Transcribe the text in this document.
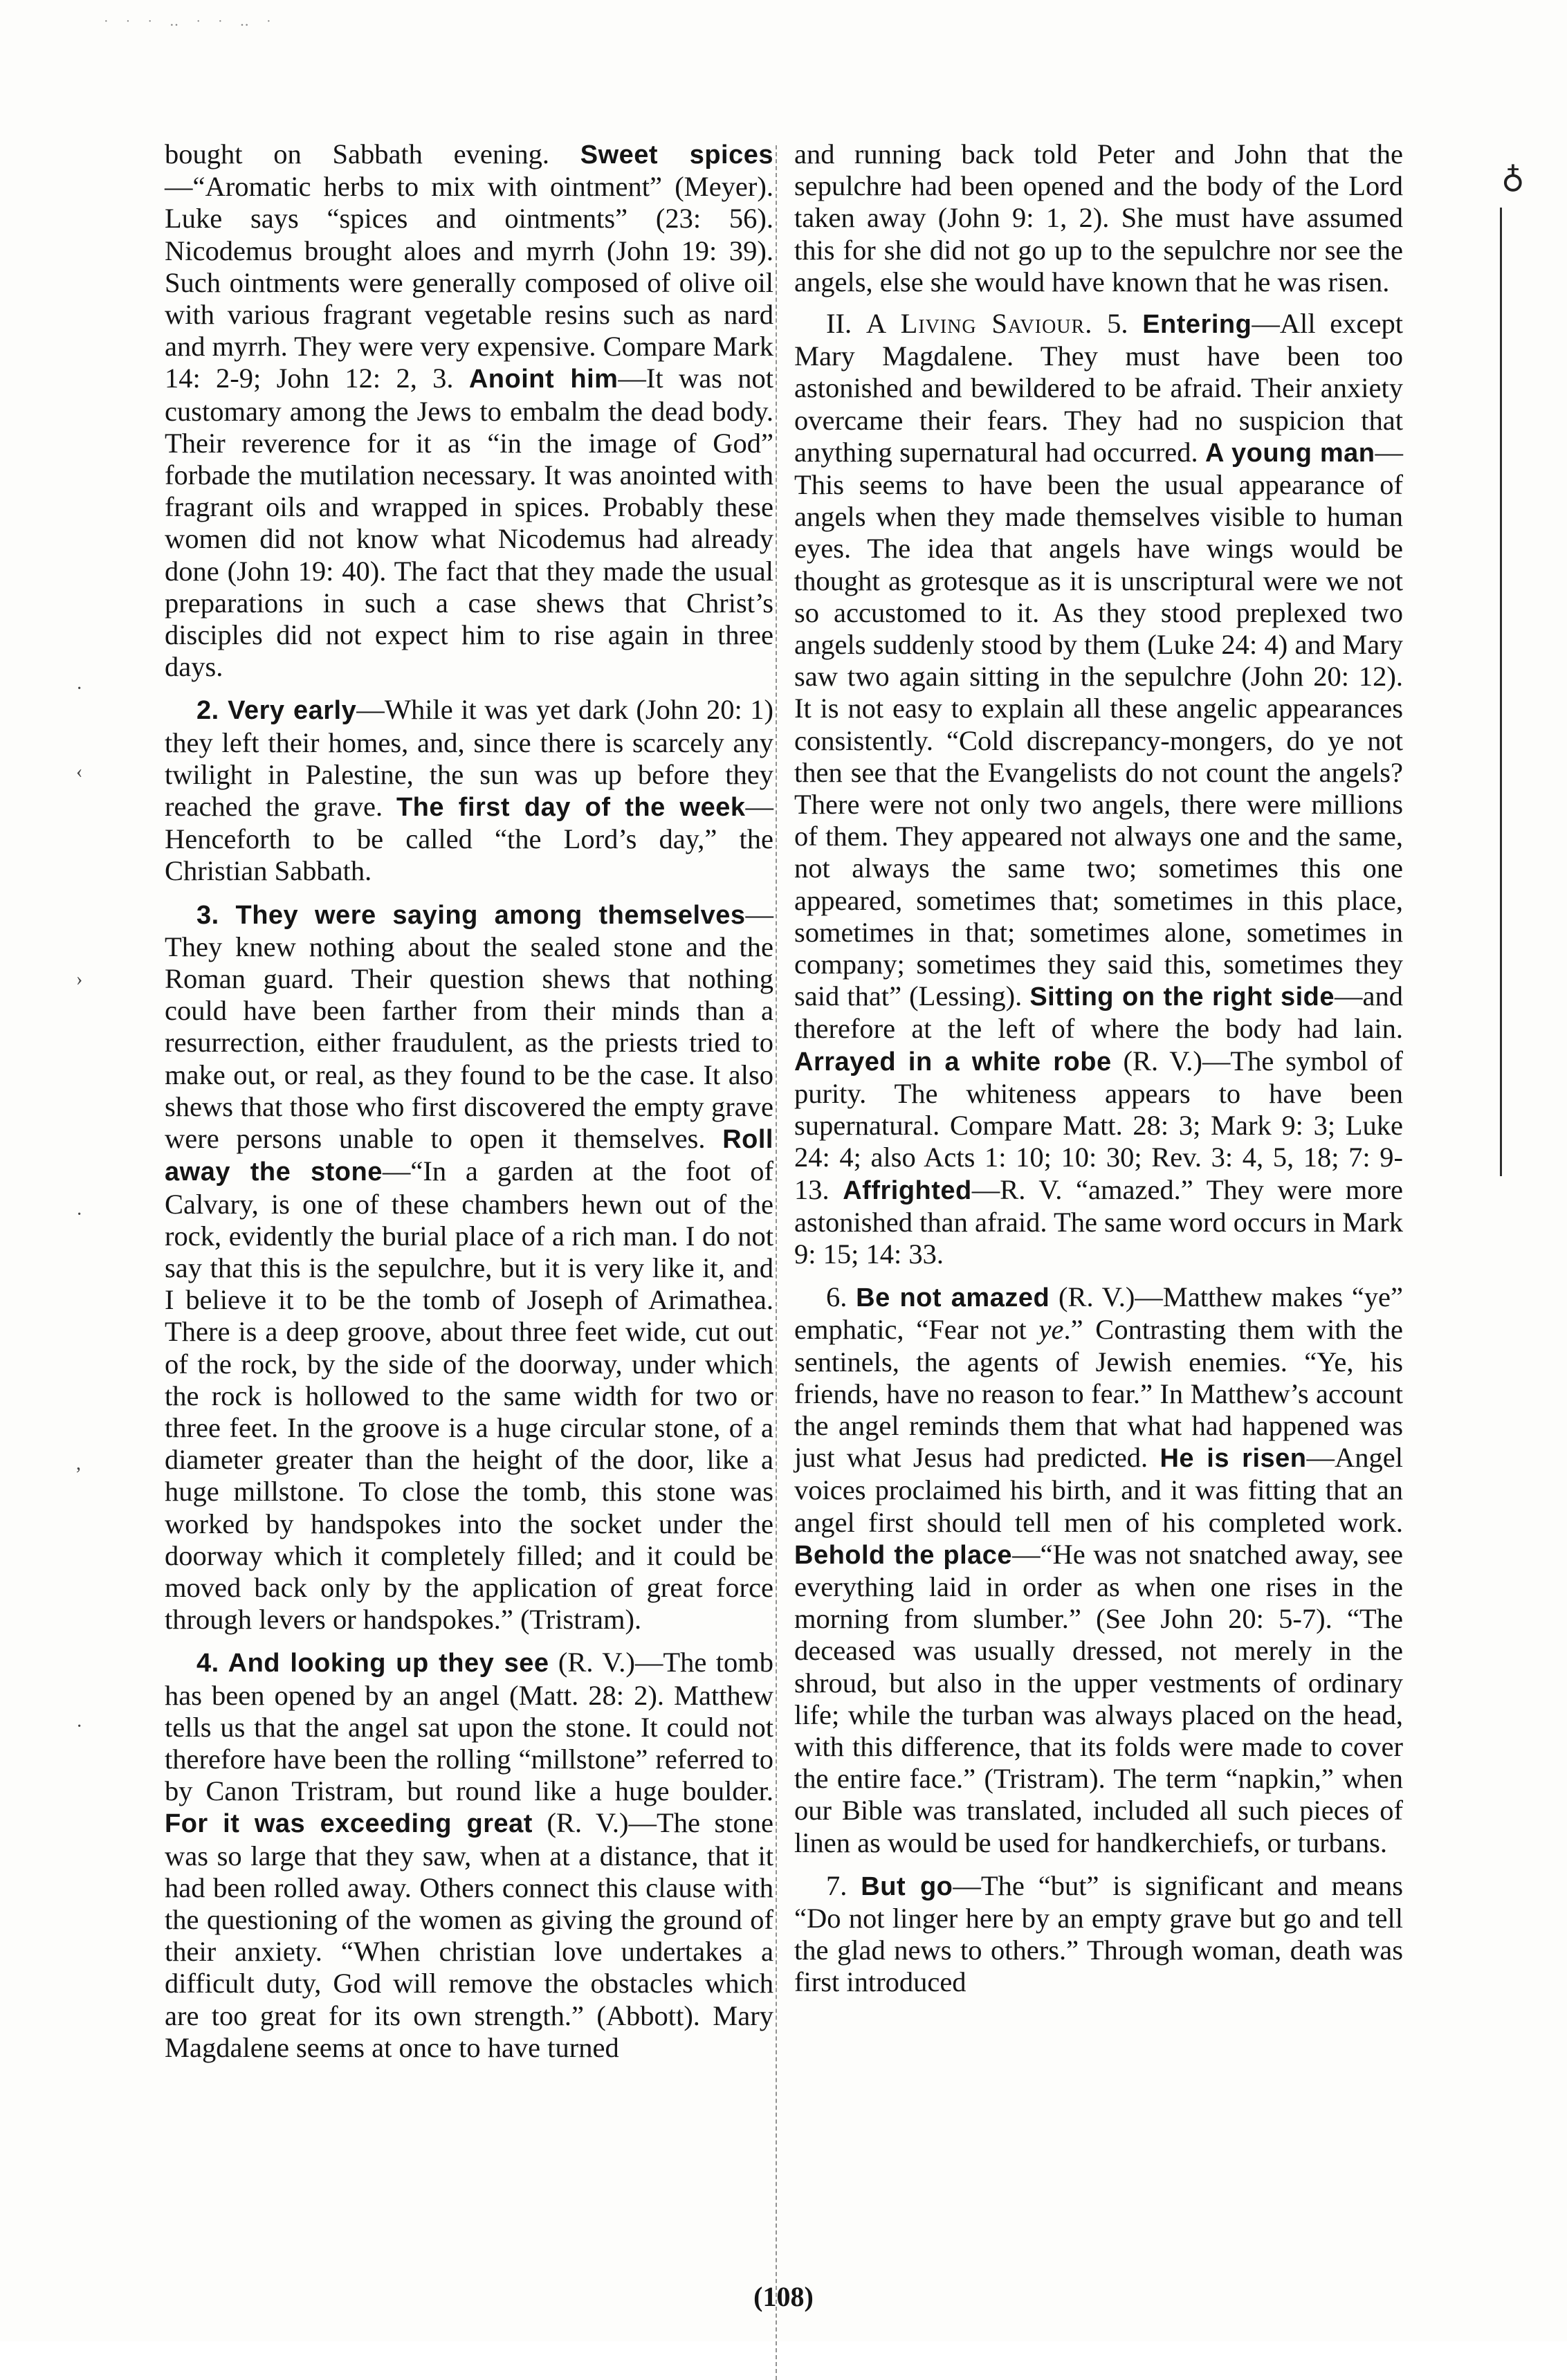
· · · ‥ · · ‥ ·
♁
·
‹
›
·
,
·

bought on Sabbath evening. Sweet spices—“Aromatic herbs to mix with ointment” (Meyer). Luke says “spices and ointments” (23: 56). Nicodemus brought aloes and myrrh (John 19: 39). Such ointments were generally composed of olive oil with various fragrant vegetable resins such as nard and myrrh. They were very expensive. Compare Mark 14: 2-9; John 12: 2, 3. Anoint him—It was not customary among the Jews to embalm the dead body. Their reverence for it as “in the image of God” forbade the mutilation necessary. It was anointed with fragrant oils and wrapped in spices. Probably these women did not know what Nicodemus had already done (John 19: 40). The fact that they made the usual preparations in such a case shews that Christ’s disciples did not expect him to rise again in three days.

2. Very early—While it was yet dark (John 20: 1) they left their homes, and, since there is scarcely any twilight in Palestine, the sun was up before they reached the grave. The first day of the week—Henceforth to be called “the Lord’s day,” the Christian Sabbath.

3. They were saying among themselves—They knew nothing about the sealed stone and the Roman guard. Their question shews that nothing could have been farther from their minds than a resurrection, either fraudulent, as the priests tried to make out, or real, as they found to be the case. It also shews that those who first discovered the empty grave were persons unable to open it themselves. Roll away the stone—“In a garden at the foot of Calvary, is one of these chambers hewn out of the rock, evidently the burial place of a rich man. I do not say that this is the sepulchre, but it is very like it, and I believe it to be the tomb of Joseph of Arimathea. There is a deep groove, about three feet wide, cut out of the rock, by the side of the doorway, under which the rock is hollowed to the same width for two or three feet. In the groove is a huge circular stone, of a diameter greater than the height of the door, like a huge millstone. To close the tomb, this stone was worked by handspokes into the socket under the doorway which it completely filled; and it could be moved back only by the application of great force through levers or handspokes.” (Tristram).

4. And looking up they see (R. V.)—The tomb has been opened by an angel (Matt. 28: 2). Matthew tells us that the angel sat upon the stone. It could not therefore have been the rolling “millstone” referred to by Canon Tristram, but round like a huge boulder. For it was exceeding great (R. V.)—The stone was so large that they saw, when at a distance, that it had been rolled away. Others connect this clause with the questioning of the women as giving the ground of their anxiety. “When christian love undertakes a difficult duty, God will remove the obstacles which are too great for its own strength.” (Abbott). Mary Magdalene seems at once to have turned

and running back told Peter and John that the sepulchre had been opened and the body of the Lord taken away (John 9: 1, 2). She must have assumed this for she did not go up to the sepulchre nor see the angels, else she would have known that he was risen.

II. A Living Saviour. 5. Entering—All except Mary Magdalene. They must have been too astonished and bewildered to be afraid. Their anxiety overcame their fears. They had no suspicion that anything supernatural had occurred. A young man—This seems to have been the usual appearance of angels when they made themselves visible to human eyes. The idea that angels have wings would be thought as grotesque as it is unscriptural were we not so accustomed to it. As they stood preplexed two angels suddenly stood by them (Luke 24: 4) and Mary saw two again sitting in the sepulchre (John 20: 12). It is not easy to explain all these angelic appearances consistently. “Cold discrepancy-mongers, do ye not then see that the Evangelists do not count the angels? There were not only two angels, there were millions of them. They appeared not always one and the same, not always the same two; sometimes this one appeared, sometimes that; sometimes in this place, sometimes in that; sometimes alone, sometimes in company; sometimes they said this, sometimes they said that” (Lessing). Sitting on the right side—and therefore at the left of where the body had lain. Arrayed in a white robe (R. V.)—The symbol of purity. The whiteness appears to have been supernatural. Compare Matt. 28: 3; Mark 9: 3; Luke 24: 4; also Acts 1: 10; 10: 30; Rev. 3: 4, 5, 18; 7: 9-13. Affrighted—R. V. “amazed.” They were more astonished than afraid. The same word occurs in Mark 9: 15; 14: 33.

6. Be not amazed (R. V.)—Matthew makes “ye” emphatic, “Fear not ye.” Contrasting them with the sentinels, the agents of Jewish enemies. “Ye, his friends, have no reason to fear.” In Matthew’s account the angel reminds them that what had happened was just what Jesus had predicted. He is risen—Angel voices proclaimed his birth, and it was fitting that an angel first should tell men of his completed work. Behold the place—“He was not snatched away, see everything laid in order as when one rises in the morning from slumber.” (See John 20: 5-7). “The deceased was usually dressed, not merely in the shroud, but also in the upper vestments of ordinary life; while the turban was always placed on the head, with this difference, that its folds were made to cover the entire face.” (Tristram). The term “napkin,” when our Bible was translated, included all such pieces of linen as would be used for handkerchiefs, or turbans.

7. But go—The “but” is significant and means “Do not linger here by an empty grave but go and tell the glad news to others.” Through woman, death was first introduced

(108)
